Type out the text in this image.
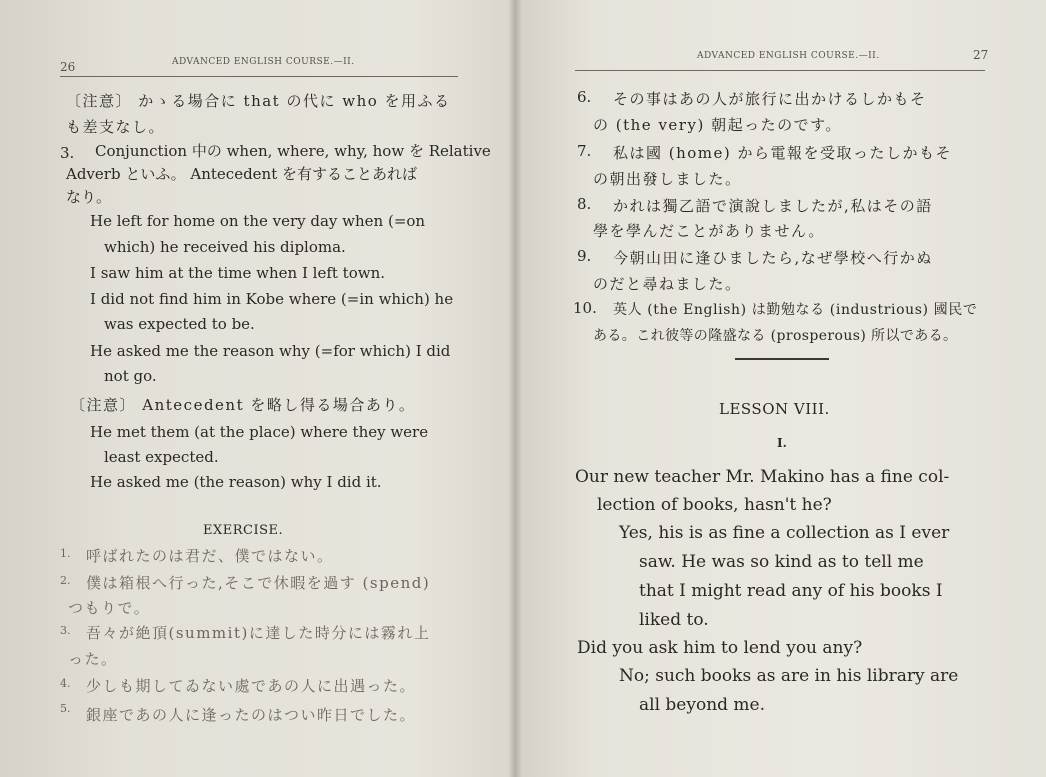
26	ADVANCED ENGLISH COURSE.—II.
〔注意〕 かゝる場合に that の代に who を用ふる
も差支なし。
3. Conjunction 中の when, where, why, how を Relative
Adverb といふ。 Antecedent を有することあれば
なり。
He left for home on the very day when (=on
which) he received his diploma.
I saw him at the time when I left town.
I did not find him in Kobe where (=in which) he
was expected to be.
He asked me the reason why (=for which) I did
not go.
〔注意〕 Antecedent を略し得る場合あり。
He met them (at the place) where they were
least expected.
He asked me (the reason) why I did it.
EXERCISE.
1. 呼ばれたのは君だ、僕ではない。
2. 僕は箱根へ行った,そこで休暇を過す (spend)
つもりで。
3. 吾々が絶頂(summit)に達した時分には霧れ上
った。
4. 少しも期してゐない處であの人に出遇った。
5. 銀座であの人に逢ったのはつい昨日でした。
ADVANCED ENGLISH COURSE.—II.	27
6. その事はあの人が旅行に出かけるしかもそ
の (the very) 朝起ったのです。
7. 私は國 (home) から電報を受取ったしかもそ
の朝出發しました。
8. かれは獨乙語で演說しましたが,私はその語
學を學んだことがありません。
9. 今朝山田に逢ひましたら,なぜ學校へ行かぬ
のだと尋ねました。
10. 英人 (the English) は勤勉なる (industrious) 國民で
ある。これ彼等の隆盛なる (prosperous) 所以である。
LESSON VIII.
I.
Our new teacher Mr. Makino has a fine col-
lection of books, hasn't he?
Yes, his is as fine a collection as I ever
saw. He was so kind as to tell me
that I might read any of his books I
liked to.
Did you ask him to lend you any?
No; such books as are in his library are
all beyond me.
